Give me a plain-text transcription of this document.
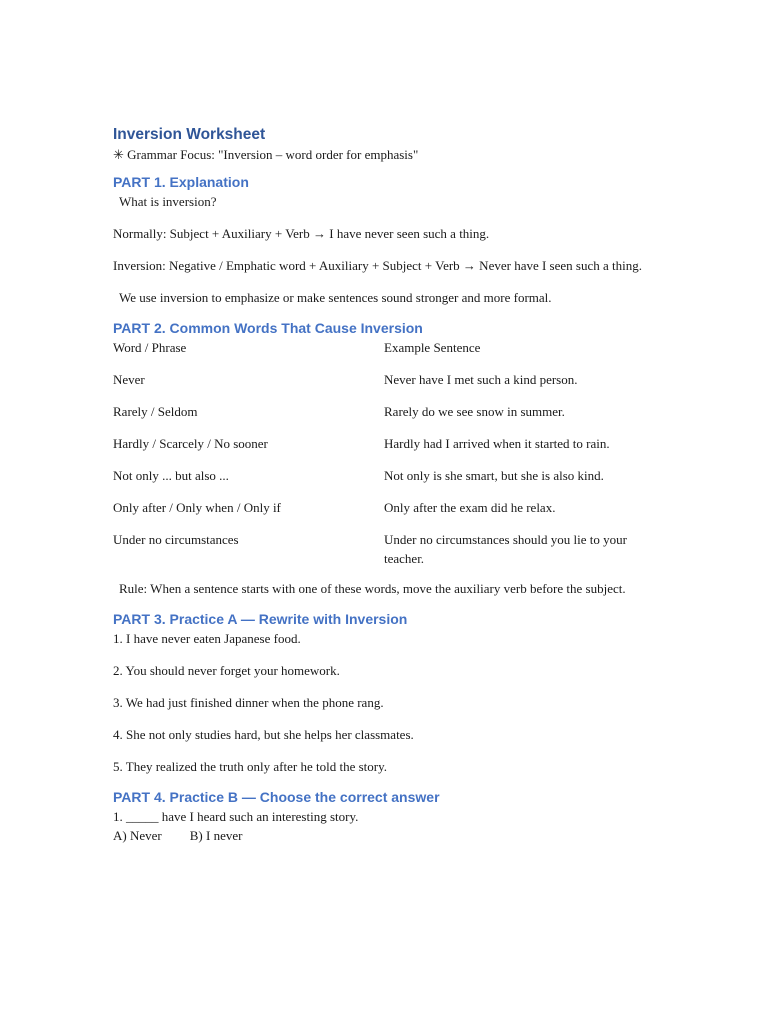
Inversion Worksheet

✳ Grammar Focus: "Inversion – word order for emphasis"

PART 1. Explanation

What is inversion?

Normally: Subject + Auxiliary + Verb → I have never seen such a thing.

Inversion: Negative / Emphatic word + Auxiliary + Subject + Verb → Never have I seen such a thing.

We use inversion to emphasize or make sentences sound stronger and more formal.

PART 2. Common Words That Cause Inversion
Word / Phrase	Example Sentence
Never	Never have I met such a kind person.
Rarely / Seldom	Rarely do we see snow in summer.
Hardly / Scarcely / No sooner	Hardly had I arrived when it started to rain.
Not only ... but also ...	Not only is she smart, but she is also kind.
Only after / Only when / Only if	Only after the exam did he relax.
Under no circumstances	Under no circumstances should you lie to your teacher.

Rule: When a sentence starts with one of these words, move the auxiliary verb before the subject.

PART 3. Practice A — Rewrite with Inversion

1. I have never eaten Japanese food.

2. You should never forget your homework.

3. We had just finished dinner when the phone rang.

4. She not only studies hard, but she helps her classmates.

5. They realized the truth only after he told the story.

PART 4. Practice B — Choose the correct answer

1. _____ have I heard such an interesting story.

A) Never B) I never
